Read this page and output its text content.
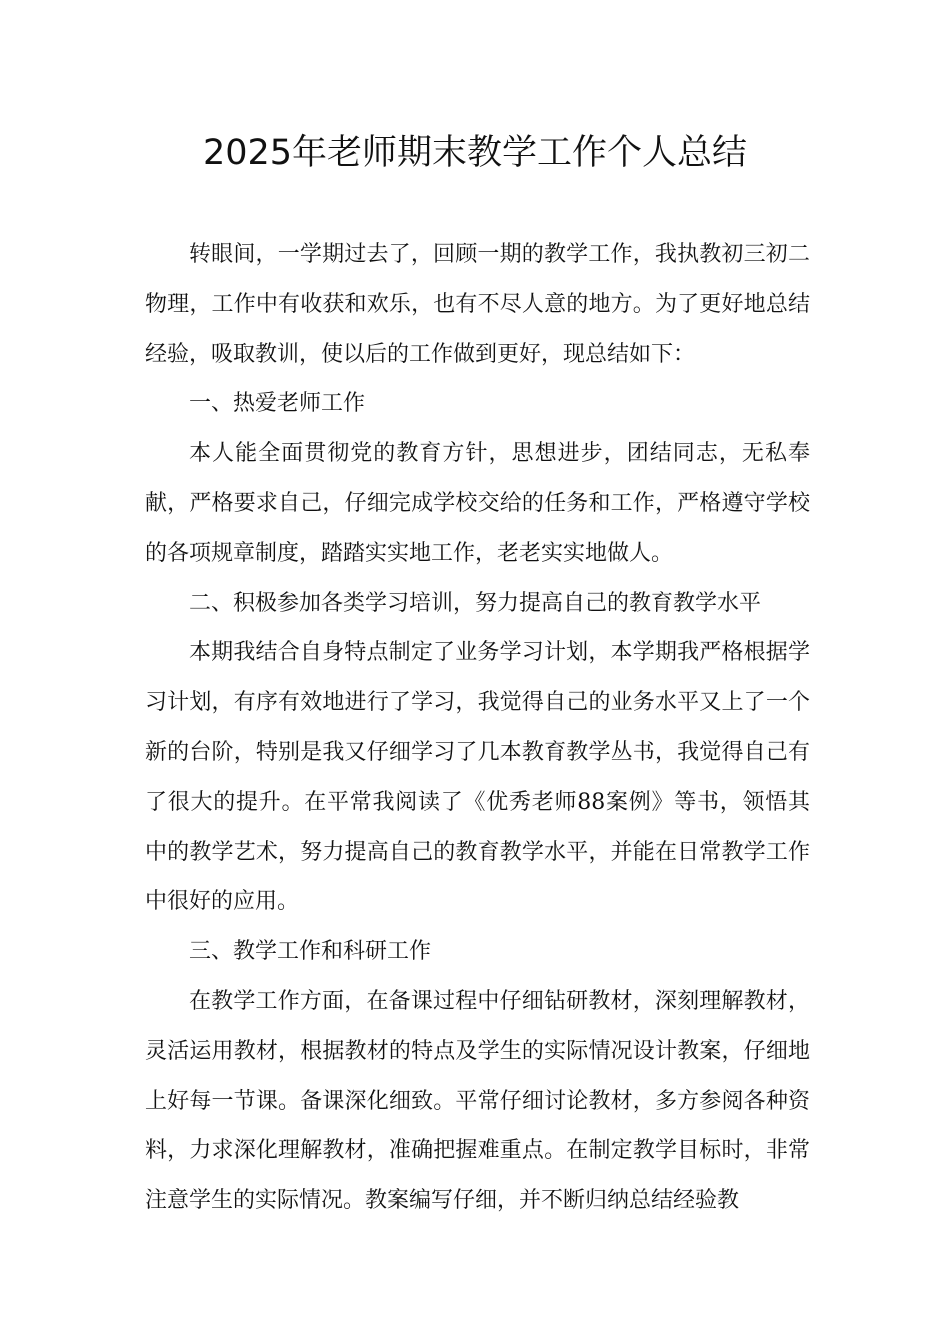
2025年老师期末教学工作个人总结

转眼间，一学期过去了，回顾一期的教学工作，我执教初三初二物理，工作中有收获和欢乐，也有不尽人意的地方。为了更好地总结经验，吸取教训，使以后的工作做到更好，现总结如下：

一、热爱老师工作

本人能全面贯彻党的教育方针，思想进步，团结同志，无私奉献，严格要求自己，仔细完成学校交给的任务和工作，严格遵守学校的各项规章制度，踏踏实实地工作，老老实实地做人。

二、积极参加各类学习培训，努力提高自己的教育教学水平

本期我结合自身特点制定了业务学习计划，本学期我严格根据学习计划，有序有效地进行了学习，我觉得自己的业务水平又上了一个新的台阶，特别是我又仔细学习了几本教育教学丛书，我觉得自己有了很大的提升。在平常我阅读了《优秀老师88案例》等书，领悟其中的教学艺术，努力提高自己的教育教学水平，并能在日常教学工作中很好的应用。

三、教学工作和科研工作

在教学工作方面，在备课过程中仔细钻研教材，深刻理解教材，灵活运用教材，根据教材的特点及学生的实际情况设计教案，仔细地上好每一节课。备课深化细致。平常仔细讨论教材，多方参阅各种资料，力求深化理解教材，准确把握难重点。在制定教学目标时，非常注意学生的实际情况。教案编写仔细，并不断归纳总结经验教
